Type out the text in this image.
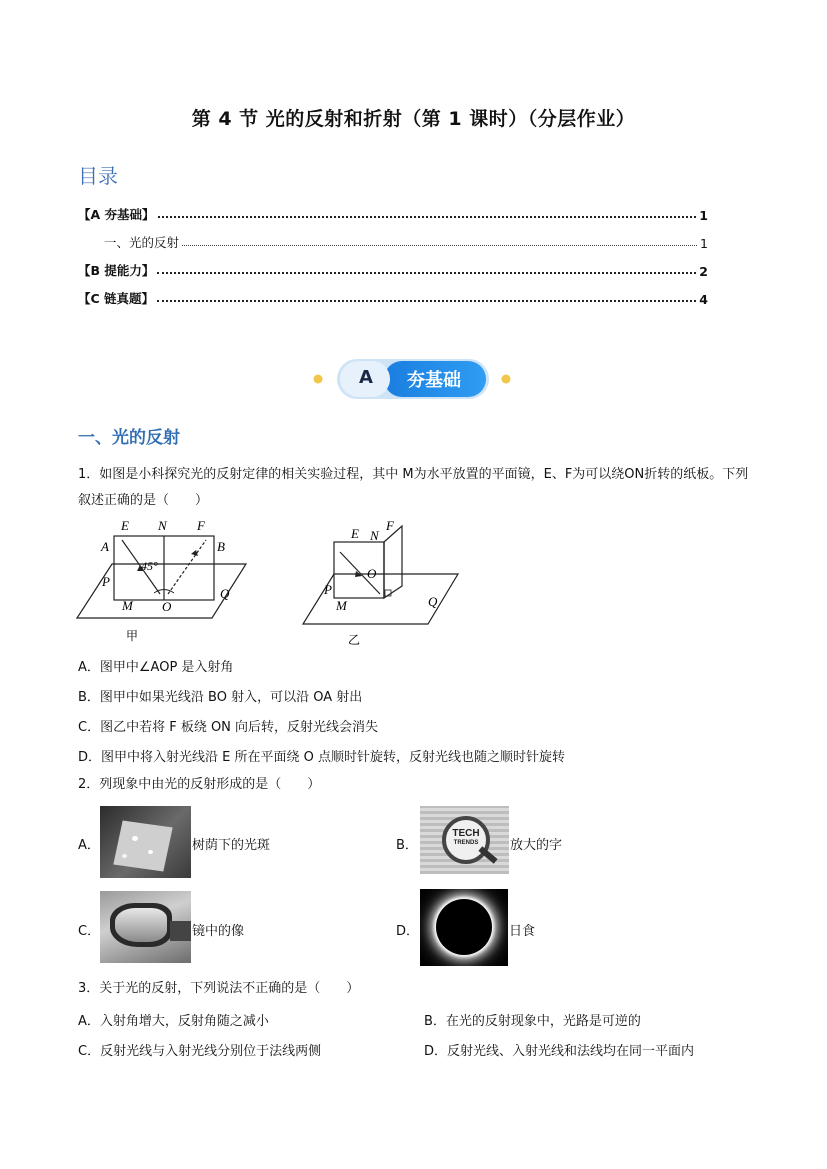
第 4 节 光的反射和折射（第 1 课时）（分层作业）
目录
【A 夯基础】	1
一、光的反射	1
【B 提能力】	2
【C 链真题】	4
A	夯基础
一、光的反射
1．如图是小科探究光的反射定律的相关实验过程，其中 M为水平放置的平面镜，E、F为可以绕ON折转的纸板。下列叙述正确的是（　　）
E N F
A	B
45°
P
M O
Q
甲
E N
F
O
P
M	Q
乙
A．图甲中∠AOP 是入射角
B．图甲中如果光线沿 BO 射入，可以沿 OA 射出
C．图乙中若将 F 板绕 ON 向后转，反射光线会消失
D．图甲中将入射光线沿 E 所在平面绕 O 点顺时针旋转，反射光线也随之顺时针旋转
2．列现象中由光的反射形成的是（　　）
A．	树荫下的光斑	B．
TECH
TRENDS	放大的字
C．	镜中的像	D．	日食
3．关于光的反射，下列说法不正确的是（　　）
A．入射角增大，反射角随之减小	B．在光的反射现象中，光路是可逆的
C．反射光线与入射光线分别位于法线两侧	D．反射光线、入射光线和法线均在同一平面内
